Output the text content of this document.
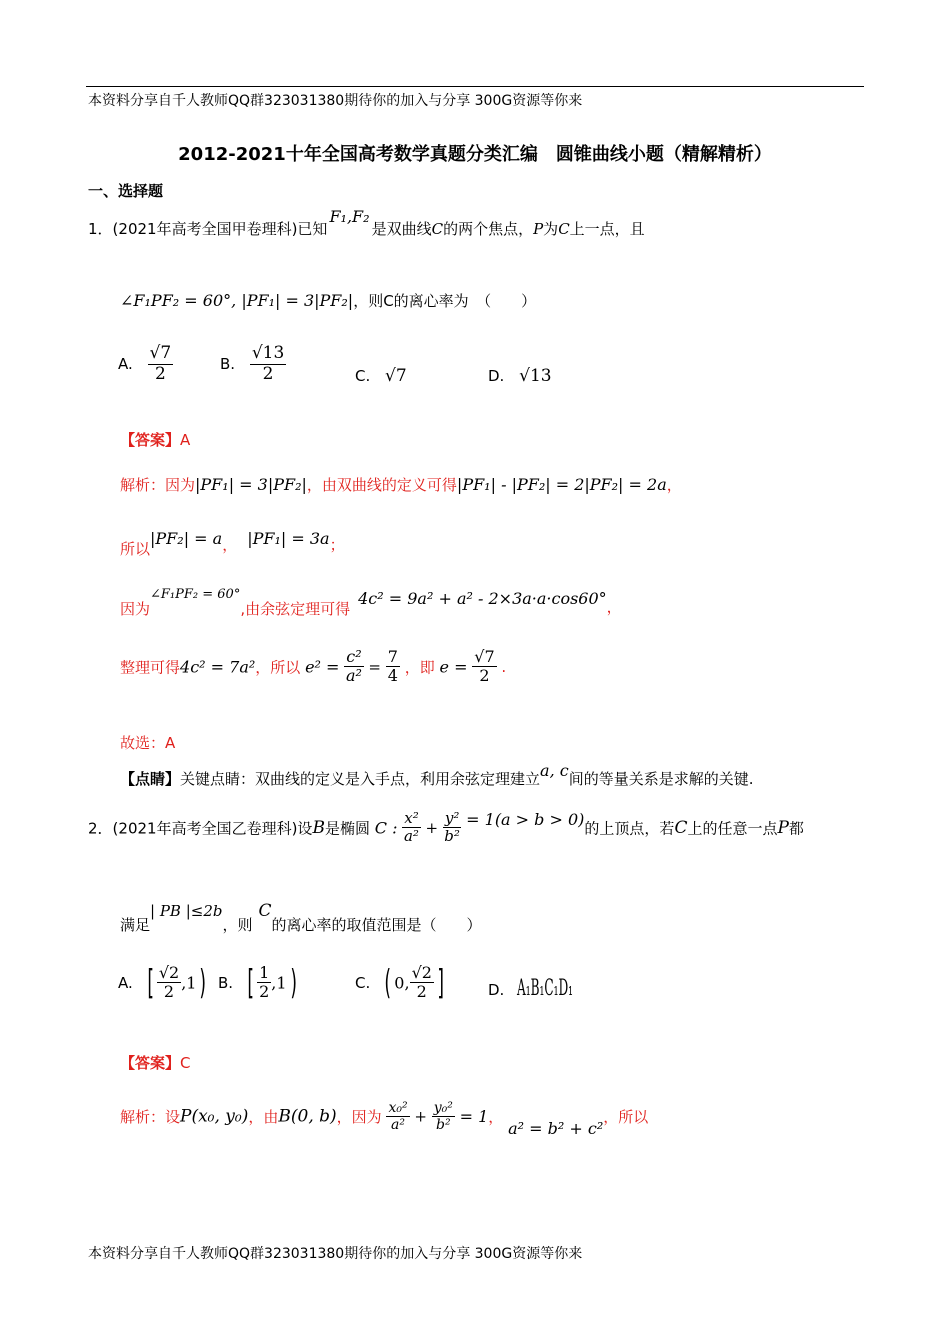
本资料分享自千人教师QQ群323031380期待你的加入与分享 300G资源等你来
2012-2021十年全国高考数学真题分类汇编　圆锥曲线小题（精解精析）
一、选择题
1．(2021年高考全国甲卷理科)已知F₁,F₂是双曲线C的两个焦点，P为C上一点，且
∠F₁PF₂ = 60°, |PF₁| = 3|PF₂|，则C的离心率为　（　　）
A. $\frac{√7}{2}$	B. $\frac{√13}{2}$	C. √7	D. √13
【答案】A
解析：因为|PF₁| = 3|PF₂|，由双曲线的定义可得|PF₁| - |PF₂| = 2|PF₂| = 2a，
所以|PF₂| = a， |PF₁| = 3a；
因为∠F₁PF₂ = 60°,由余弦定理可得4c² = 9a² + a² - 2×3a·a·cos60°，
整理可得4c² = 7a²，所以 $e^2 = \frac{\text{c²}}{\text{a²}} = \frac{7}{4}$ ，即 $e = \frac{√7}{2}$ .
故选：A
【点睛】关键点睛：双曲线的定义是入手点，利用余弦定理建立a, c间的等量关系是求解的关键.
2．(2021年高考全国乙卷理科)设B是椭圆 C : $\frac{\text{x²}}{\text{a²}} + \frac{\text{y²}}{\text{b²}} = 1(a > b > 0)$的上顶点，若C上的任意一点P都
满足| PB |≤2b，则C的离心率的取值范围是（　　）
A. [ $\frac{√2}{2} ,1$) B. [ $\frac{1}{2} ,1$)	C. ( 0, $\frac{√2}{2}$ ]	D. A₁B₁C₁D₁
【答案】C
解析：设P(x₀, y₀)，由B(0, b)，因为 $\frac{\text{x₀²}}{\text{a²}} + \frac{\text{y₀²}}{\text{b²}} = 1$， a² = b² + c²，所以
本资料分享自千人教师QQ群323031380期待你的加入与分享 300G资源等你来
